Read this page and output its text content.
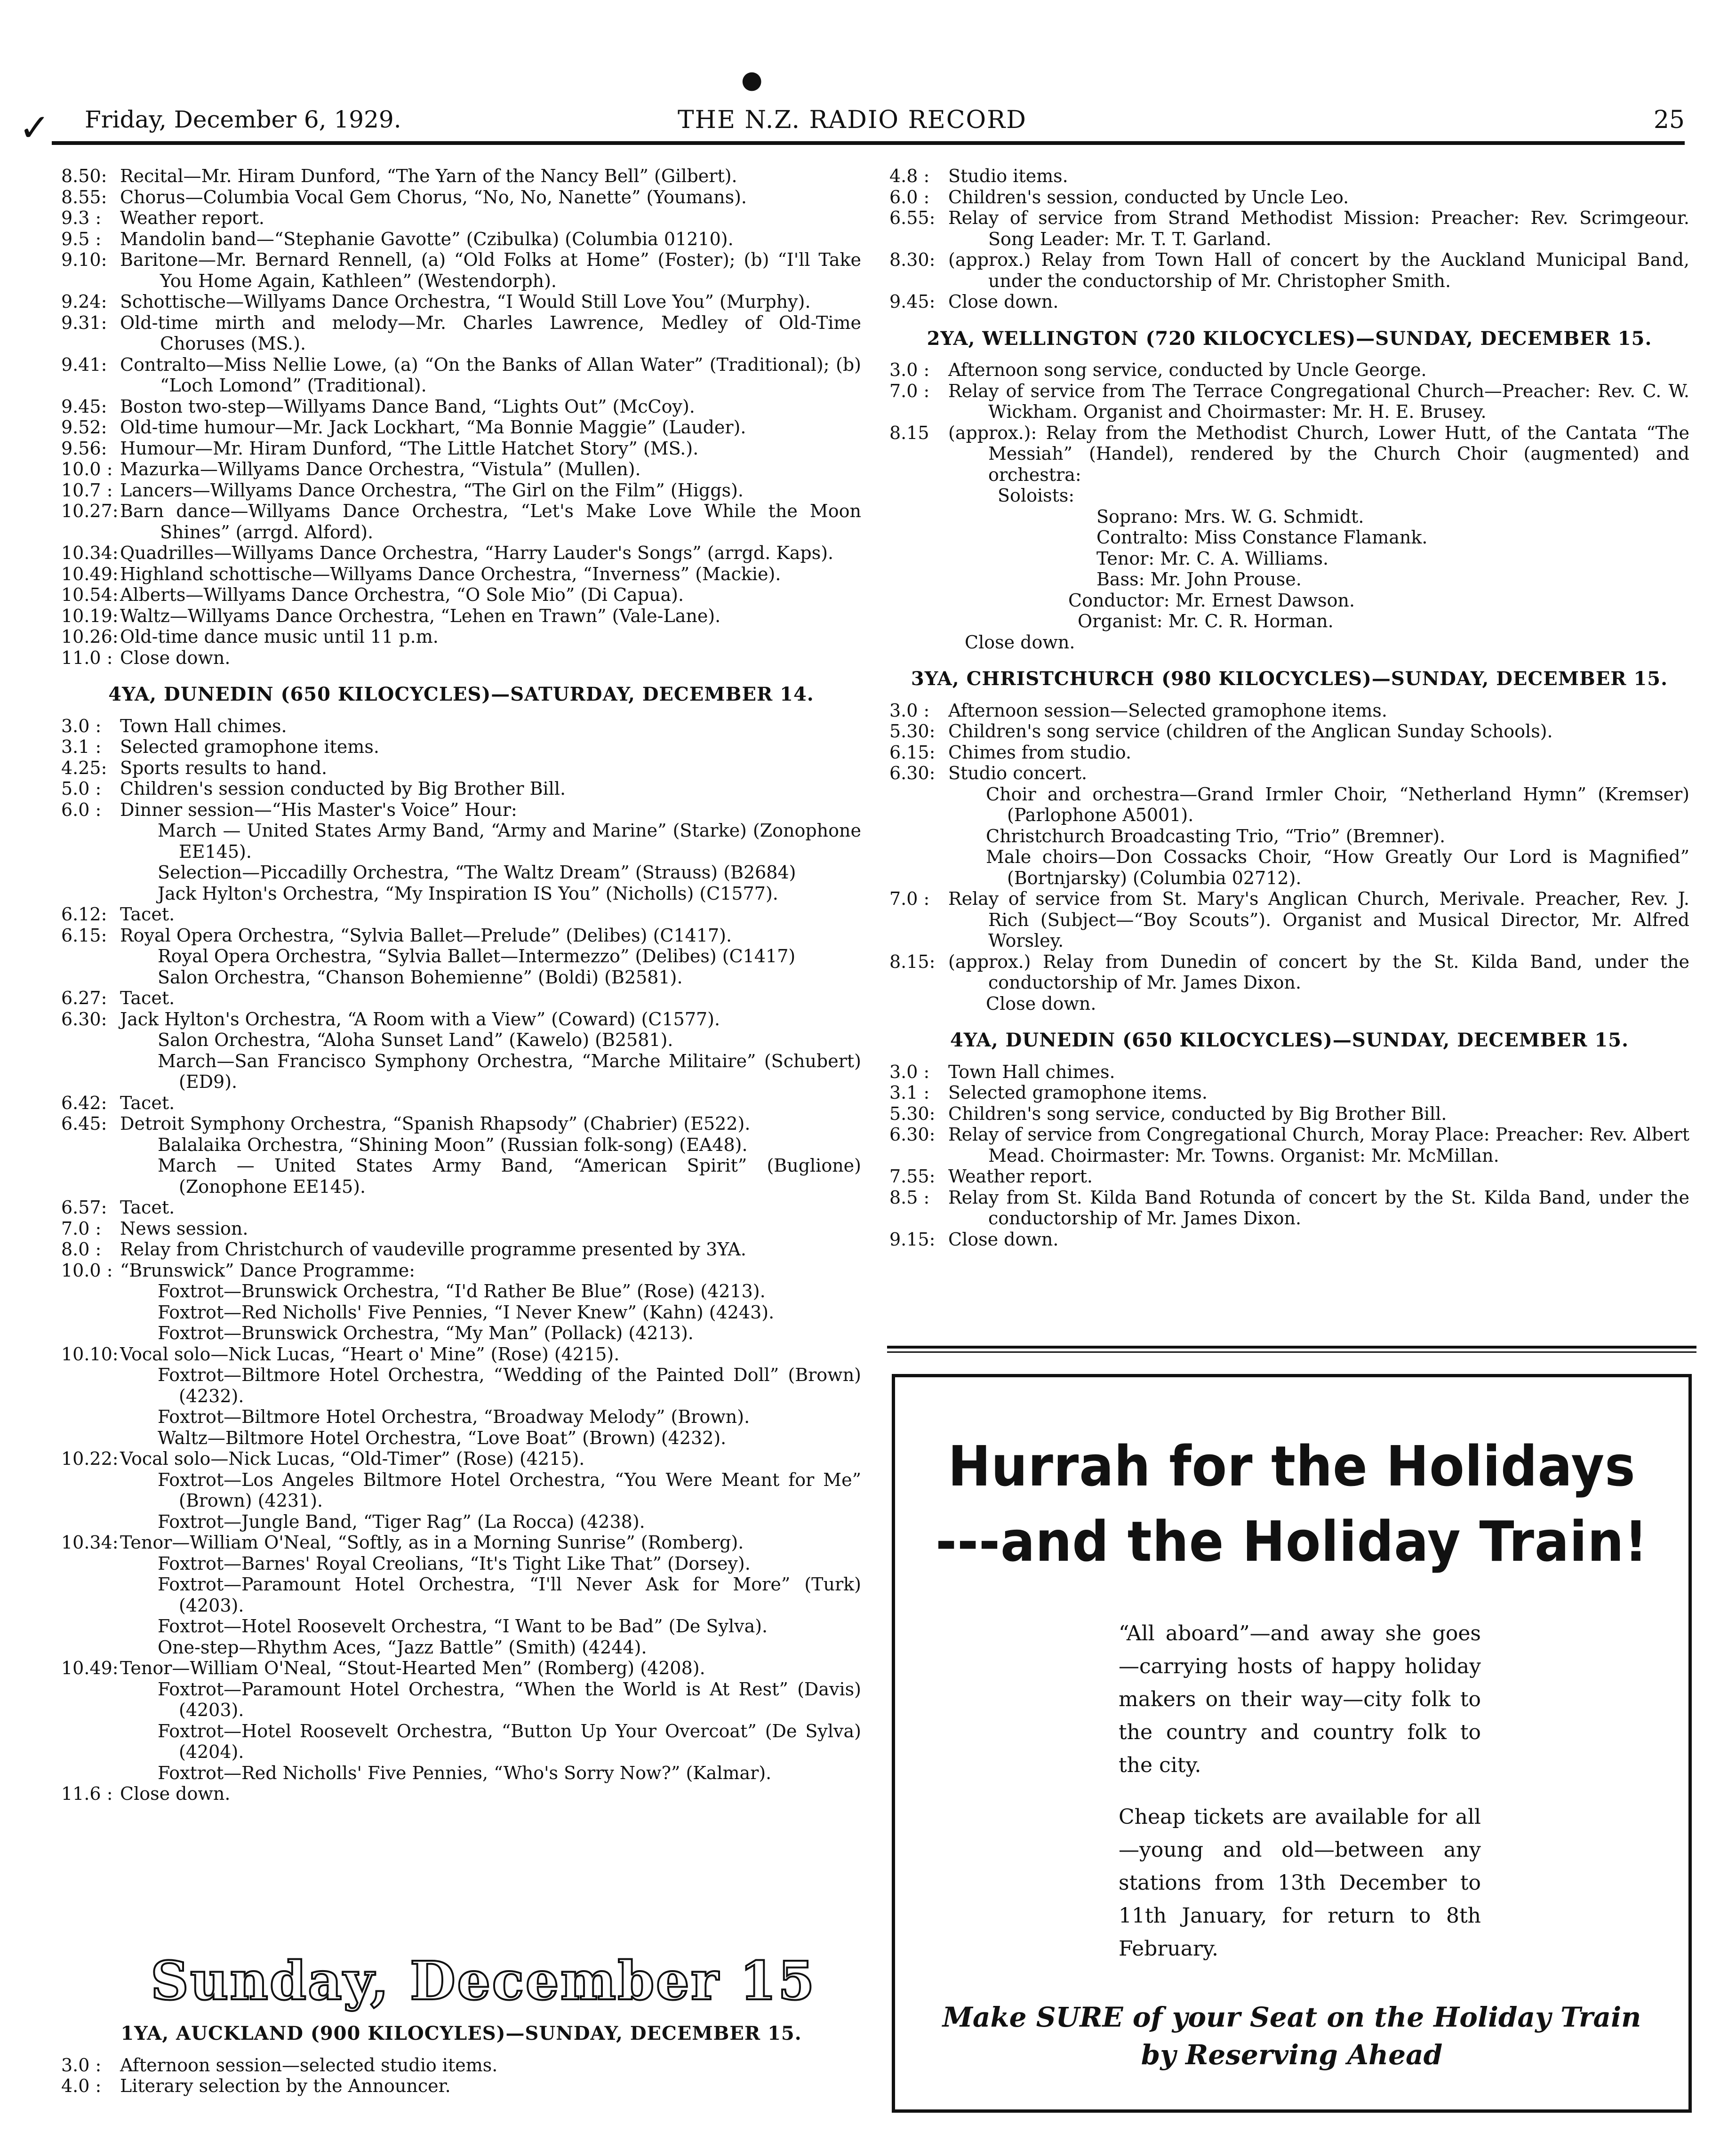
Friday, December 6, 1929.	THE N.Z. RADIO RECORD	25
✓
●
8.50: Recital—Mr. Hiram Dunford, “The Yarn of the Nancy Bell” (Gilbert).
8.55: Chorus—Columbia Vocal Gem Chorus, “No, No, Nanette” (Youmans).
9.3 :	Weather report.
9.5 :	Mandolin band—“Stephanie Gavotte” (Czibulka) (Columbia 01210).
9.10: Baritone—Mr. Bernard Rennell, (a) “Old Folks at Home” (Foster); (b) “I'll Take You Home Again, Kathleen” (Westendorph).
9.24: Schottische—Willyams Dance Orchestra, “I Would Still Love You” (Murphy).
9.31: Old-time mirth and melody—Mr. Charles Lawrence, Medley of Old-Time Choruses (MS.).
9.41: Contralto—Miss Nellie Lowe, (a) “On the Banks of Allan Water” (Traditional); (b) “Loch Lomond” (Traditional).
9.45: Boston two-step—Willyams Dance Band, “Lights Out” (McCoy).
9.52: Old-time humour—Mr. Jack Lockhart, “Ma Bonnie Maggie” (Lauder).
9.56: Humour—Mr. Hiram Dunford, “The Little Hatchet Story” (MS.).
10.0 : Mazurka—Willyams Dance Orchestra, “Vistula” (Mullen).
10.7 : Lancers—Willyams Dance Orchestra, “The Girl on the Film” (Higgs).
10.27: Barn dance—Willyams Dance Orchestra, “Let's Make Love While the Moon Shines” (arrgd. Alford).
10.34: Quadrilles—Willyams Dance Orchestra, “Harry Lauder's Songs” (arrgd. Kaps).
10.49: Highland schottische—Willyams Dance Orchestra, “Inverness” (Mackie).
10.54: Alberts—Willyams Dance Orchestra, “O Sole Mio” (Di Capua).
10.19: Waltz—Willyams Dance Orchestra, “Lehen en Trawn” (Vale-Lane).
10.26: Old-time dance music until 11 p.m.
11.0 : Close down.
4YA, DUNEDIN (650 KILOCYCLES)—SATURDAY, DECEMBER 14.
3.0 :	Town Hall chimes.
3.1 :	Selected gramophone items.
4.25: Sports results to hand.
5.0 :	Children's session conducted by Big Brother Bill.
6.0 :	Dinner session—“His Master's Voice” Hour:
March — United States Army Band, “Army and Marine” (Starke) (Zonophone EE145).
Selection—Piccadilly Orchestra, “The Waltz Dream” (Strauss) (B2684)
Jack Hylton's Orchestra, “My Inspiration IS You” (Nicholls) (C1577).
6.12: Tacet.
6.15: Royal Opera Orchestra, “Sylvia Ballet—Prelude” (Delibes) (C1417).
Royal Opera Orchestra, “Sylvia Ballet—Intermezzo” (Delibes) (C1417)
Salon Orchestra, “Chanson Bohemienne” (Boldi) (B2581).
6.27: Tacet.
6.30: Jack Hylton's Orchestra, “A Room with a View” (Coward) (C1577).
Salon Orchestra, “Aloha Sunset Land” (Kawelo) (B2581).
March—San Francisco Symphony Orchestra, “Marche Militaire” (Schubert) (ED9).
6.42: Tacet.
6.45: Detroit Symphony Orchestra, “Spanish Rhapsody” (Chabrier) (E522).
Balalaika Orchestra, “Shining Moon” (Russian folk-song) (EA48).
March — United States Army Band, “American Spirit” (Buglione) (Zonophone EE145).
6.57: Tacet.
7.0 :	News session.
8.0 :	Relay from Christchurch of vaudeville programme presented by 3YA.
10.0 : “Brunswick” Dance Programme:
Foxtrot—Brunswick Orchestra, “I'd Rather Be Blue” (Rose) (4213).
Foxtrot—Red Nicholls' Five Pennies, “I Never Knew” (Kahn) (4243).
Foxtrot—Brunswick Orchestra, “My Man” (Pollack) (4213).
10.10: Vocal solo—Nick Lucas, “Heart o' Mine” (Rose) (4215).
Foxtrot—Biltmore Hotel Orchestra, “Wedding of the Painted Doll” (Brown) (4232).
Foxtrot—Biltmore Hotel Orchestra, “Broadway Melody” (Brown).
Waltz—Biltmore Hotel Orchestra, “Love Boat” (Brown) (4232).
10.22: Vocal solo—Nick Lucas, “Old-Timer” (Rose) (4215).
Foxtrot—Los Angeles Biltmore Hotel Orchestra, “You Were Meant for Me” (Brown) (4231).
Foxtrot—Jungle Band, “Tiger Rag” (La Rocca) (4238).
10.34: Tenor—William O'Neal, “Softly, as in a Morning Sunrise” (Romberg).
Foxtrot—Barnes' Royal Creolians, “It's Tight Like That” (Dorsey).
Foxtrot—Paramount Hotel Orchestra, “I'll Never Ask for More” (Turk) (4203).
Foxtrot—Hotel Roosevelt Orchestra, “I Want to be Bad” (De Sylva).
One-step—Rhythm Aces, “Jazz Battle” (Smith) (4244).
10.49: Tenor—William O'Neal, “Stout-Hearted Men” (Romberg) (4208).
Foxtrot—Paramount Hotel Orchestra, “When the World is At Rest” (Davis) (4203).
Foxtrot—Hotel Roosevelt Orchestra, “Button Up Your Overcoat” (De Sylva) (4204).
Foxtrot—Red Nicholls' Five Pennies, “Who's Sorry Now?” (Kalmar).
11.6 : Close down.
Sunday, December 15
1YA, AUCKLAND (900 KILOCYLES)—SUNDAY, DECEMBER 15.
3.0 :	Afternoon session—selected studio items.
4.0 :	Literary selection by the Announcer.
4.8 :	Studio items.
6.0 :	Children's session, conducted by Uncle Leo.
6.55: Relay of service from Strand Methodist Mission: Preacher: Rev. Scrimgeour. Song Leader: Mr. T. T. Garland.
8.30: (approx.) Relay from Town Hall of concert by the Auckland Municipal Band, under the conductorship of Mr. Christopher Smith.
9.45: Close down.
2YA, WELLINGTON (720 KILOCYCLES)—SUNDAY, DECEMBER 15.
3.0 :	Afternoon song service, conducted by Uncle George.
7.0 :	Relay of service from The Terrace Congregational Church—Preacher: Rev. C. W. Wickham. Organist and Choirmaster: Mr. H. E. Brusey.
8.15	(approx.): Relay from the Methodist Church, Lower Hutt, of the Cantata “The Messiah” (Handel), rendered by the Church Choir (augmented) and orchestra:
Soloists:
Soprano: Mrs. W. G. Schmidt.
Contralto: Miss Constance Flamank.
Tenor: Mr. C. A. Williams.
Bass: Mr. John Prouse.
Conductor: Mr. Ernest Dawson.
Organist: Mr. C. R. Horman.
Close down.
3YA, CHRISTCHURCH (980 KILOCYCLES)—SUNDAY, DECEMBER 15.
3.0 :	Afternoon session—Selected gramophone items.
5.30: Children's song service (children of the Anglican Sunday Schools).
6.15: Chimes from studio.
6.30: Studio concert.
Choir and orchestra—Grand Irmler Choir, “Netherland Hymn” (Kremser) (Parlophone A5001).
Christchurch Broadcasting Trio, “Trio” (Bremner).
Male choirs—Don Cossacks Choir, “How Greatly Our Lord is Magnified” (Bortnjarsky) (Columbia 02712).
7.0 :	Relay of service from St. Mary's Anglican Church, Merivale. Preacher, Rev. J. Rich (Subject—“Boy Scouts”). Organist and Musical Director, Mr. Alfred Worsley.
8.15: (approx.) Relay from Dunedin of concert by the St. Kilda Band, under the conductorship of Mr. James Dixon.
Close down.
4YA, DUNEDIN (650 KILOCYCLES)—SUNDAY, DECEMBER 15.
3.0 :	Town Hall chimes.
3.1 :	Selected gramophone items.
5.30: Children's song service, conducted by Big Brother Bill.
6.30: Relay of service from Congregational Church, Moray Place: Preacher: Rev. Albert Mead. Choirmaster: Mr. Towns. Organist: Mr. McMillan.
7.55: Weather report.
8.5 :	Relay from St. Kilda Band Rotunda of concert by the St. Kilda Band, under the conductorship of Mr. James Dixon.
9.15: Close down.
Hurrah for the Holidays
---and the Holiday Train!
“All aboard”—and away she goes—carrying hosts of happy holiday makers on their way—city folk to the country and country folk to the city.
Cheap tickets are available for all—young and old—between any stations from 13th December to 11th January, for return to 8th February.
Make SURE of your Seat on the Holiday Train
by Reserving Ahead
